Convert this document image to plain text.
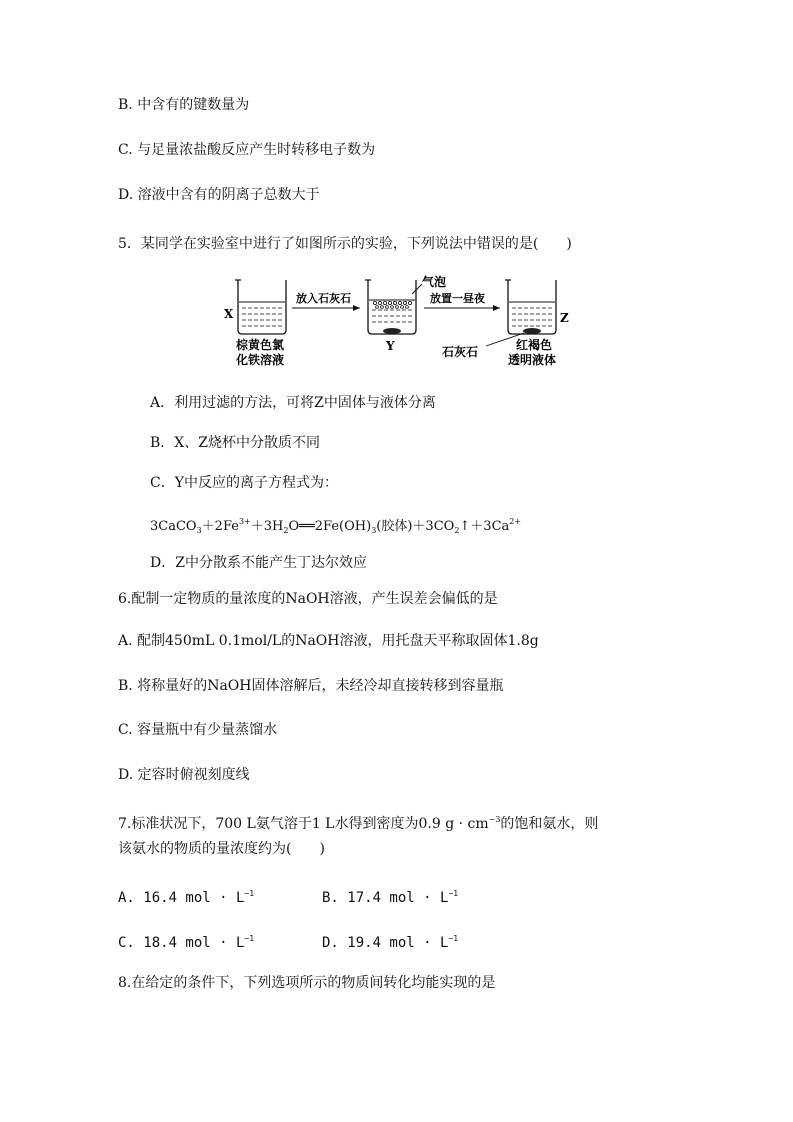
B. 中含有的键数量为
C. 与足量浓盐酸反应产生时转移电子数为
D. 溶液中含有的阴离子总数大于
5．某同学在实验室中进行了如图所示的实验，下列说法中错误的是(　　)
X
棕黄色氯
化铁溶液
放入石灰石
气泡
Y
放置一昼夜
Z
石灰石	红褐色
透明液体
A．利用过滤的方法，可将Z中固体与液体分离
B．X、Z烧杯中分散质不同
C．Y中反应的离子方程式为：
$3CaCO_3+2Fe^{3+}+3H_2O══2Fe(OH)_3$(胶体)$+3CO_2↑+3Ca^{2+}$
D．Z中分散系不能产生丁达尔效应
6.配制一定物质的量浓度的NaOH溶液，产生误差会偏低的是
A. 配制450mL 0.1mol/L的NaOH溶液，用托盘天平称取固体1.8g
B. 将称量好的NaOH固体溶解后，未经冷却直接转移到容量瓶
C. 容量瓶中有少量蒸馏水
D. 定容时俯视刻度线
7.标准状况下，700 L氨气溶于1 L水得到密度为0.9 $g \cdot cm^{-3}$的饱和氨水，则
该氨水的物质的量浓度约为(　　)
A. 16.4 mol · $L^{-1}$	B. 17.4 mol · $L^{-1}$
C. 18.4 mol · $L^{-1}$	D. 19.4 mol · $L^{-1}$
8.在给定的条件下，下列选项所示的物质间转化均能实现的是
